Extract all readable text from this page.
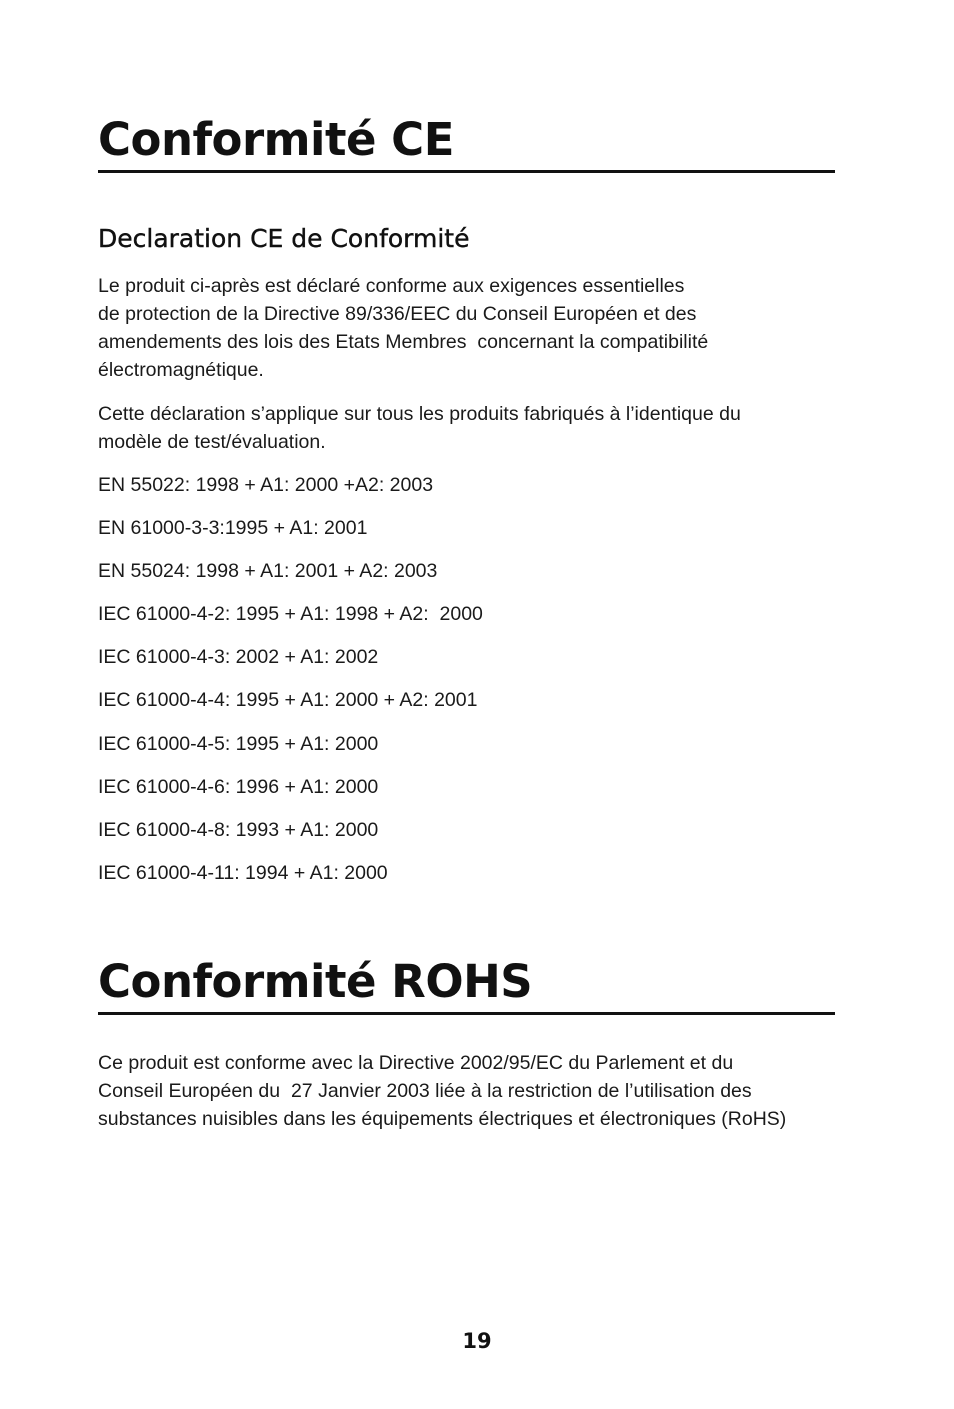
Conformité CE
Declaration CE de Conformité

Le produit ci-après est déclaré conforme aux exigences essentielles

de protection de la Directive 89/336/EEC du Conseil Européen et des

amendements des lois des Etats Membres  concernant la compatibilité

électromagnétique.

Cette déclaration s’applique sur tous les produits fabriqués à l’identique du

modèle de test/évaluation.

EN 55022: 1998 + A1: 2000 +A2: 2003

EN 61000-3-3:1995 + A1: 2001

EN 55024: 1998 + A1: 2001 + A2: 2003

IEC 61000-4-2: 1995 + A1: 1998 + A2:  2000

IEC 61000-4-3: 2002 + A1: 2002

IEC 61000-4-4: 1995 + A1: 2000 + A2: 2001

IEC 61000-4-5: 1995 + A1: 2000

IEC 61000-4-6: 1996 + A1: 2000

IEC 61000-4-8: 1993 + A1: 2000

IEC 61000-4-11: 1994 + A1: 2000

Conformité ROHS

Ce produit est conforme avec la Directive 2002/95/EC du Parlement et du

Conseil Européen du  27 Janvier 2003 liée à la restriction de l’utilisation des

substances nuisibles dans les équipements électriques et électroniques (RoHS)

19
